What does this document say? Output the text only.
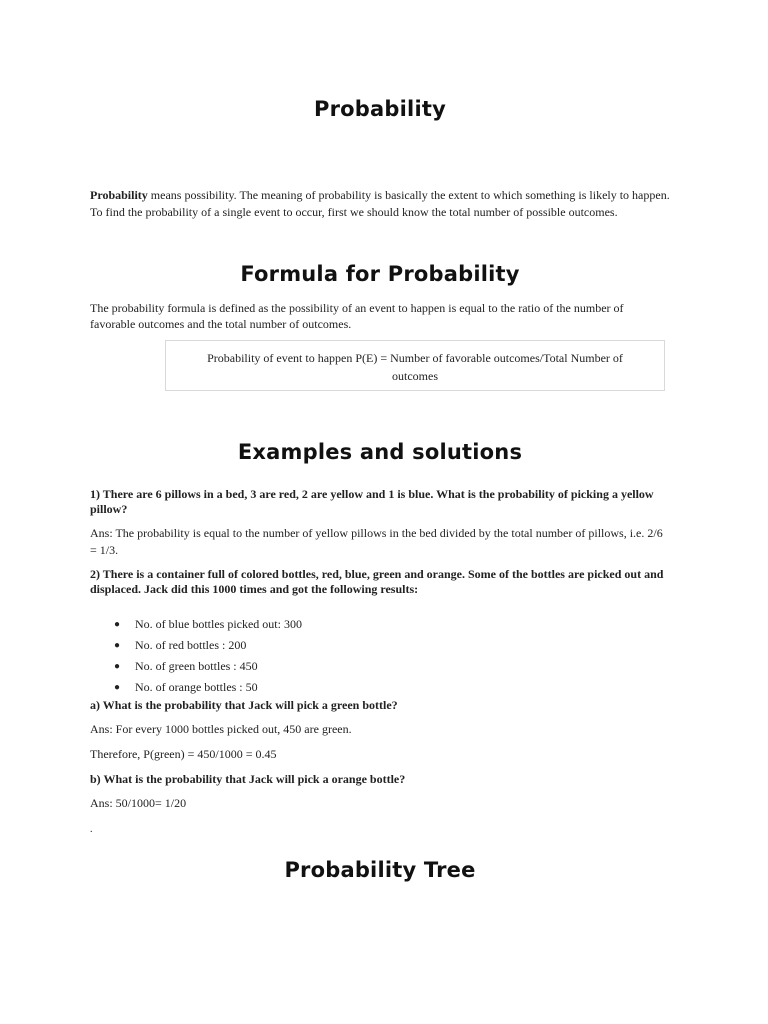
Probability

Probability means possibility. The meaning of probability is basically the extent to which something is likely to happen. To find the probability of a single event to occur, first we should know the total number of possible outcomes.

Formula for Probability

The probability formula is defined as the possibility of an event to happen is equal to the ratio of the number of favorable outcomes and the total number of outcomes.

Probability of event to happen P(E) = Number of favorable outcomes/Total Number of outcomes
Examples and solutions

1) There are 6 pillows in a bed, 3 are red, 2 are yellow and 1 is blue. What is the probability of picking a yellow pillow?

Ans: The probability is equal to the number of yellow pillows in the bed divided by the total number of pillows, i.e. 2/6 = 1/3.

2) There is a container full of colored bottles, red, blue, green and orange. Some of the bottles are picked out and displaced. Jack did this 1000 times and got the following results:

● No. of blue bottles picked out: 300
● No. of red bottles : 200
● No. of green bottles : 450
● No. of orange bottles : 50

a) What is the probability that Jack will pick a green bottle?

Ans: For every 1000 bottles picked out, 450 are green.

Therefore, P(green) = 450/1000 = 0.45

b) What is the probability that Jack will pick a orange bottle?

Ans: 50/1000= 1/20

.

Probability Tree
